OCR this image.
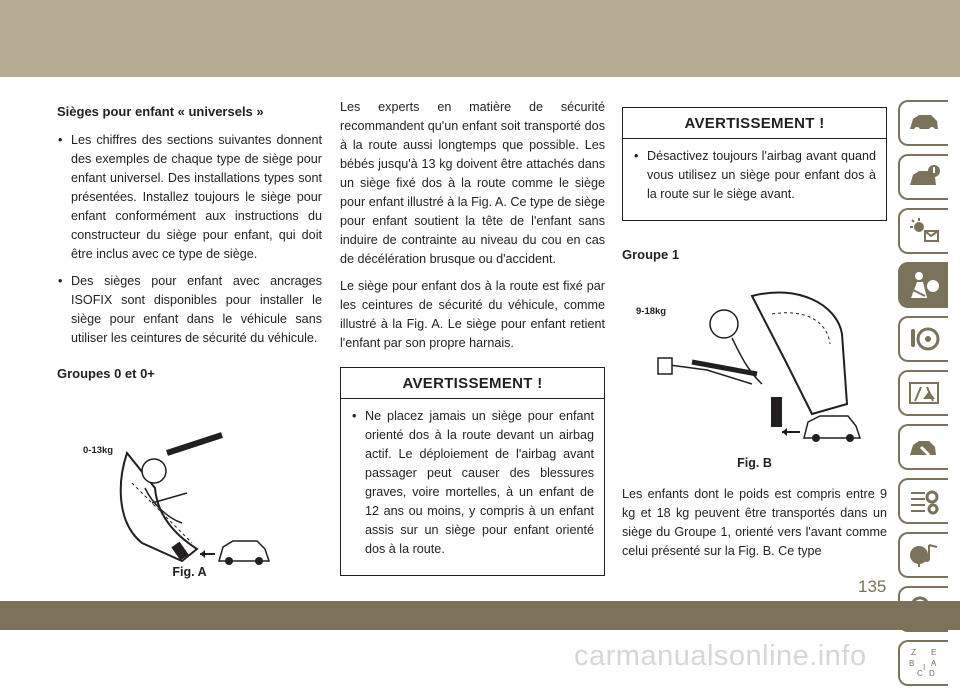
Sièges pour enfant « universels »
• Les chiffres des sections suivantes donnent des exemples de chaque type de siège pour enfant universel. Des installations types sont présentées. Installez toujours le siège pour enfant conformément aux instructions du constructeur du siège pour enfant, qui doit être inclus avec ce type de siège.
• Des sièges pour enfant avec ancrages ISOFIX sont disponibles pour installer le siège pour enfant dans le véhicule sans utiliser les ceintures de sécurité du véhicule.
Groupes 0 et 0+
0-13kg
Fig. A

Les experts en matière de sécurité recommandent qu'un enfant soit transporté dos à la route aussi longtemps que possible. Les bébés jusqu'à 13 kg doivent être attachés dans un siège fixé dos à la route comme le siège pour enfant illustré à la Fig. A. Ce type de siège pour enfant soutient la tête de l'enfant sans induire de contrainte au niveau du cou en cas de décélération brusque ou d'accident.

Le siège pour enfant dos à la route est fixé par les ceintures de sécurité du véhicule, comme illustré à la Fig. A. Le siège pour enfant retient l'enfant par son propre harnais.

AVERTISSEMENT !
• Ne placez jamais un siège pour enfant orienté dos à la route devant un airbag actif. Le déploiement de l'airbag avant passager peut causer des blessures graves, voire mortelles, à un enfant de 12 ans ou moins, y compris à un enfant assis sur un siège pour enfant orienté dos à la route.
AVERTISSEMENT !
• Désactivez toujours l'airbag avant quand vous utilisez un siège pour enfant dos à la route sur le siège avant.
Groupe 1
9-18kg
Fig. B

Les enfants dont le poids est compris entre 9 kg et 18 kg peuvent être transportés dans un siège du Groupe 1, orienté vers l'avant comme celui présenté sur la Fig. B. Ce type

Z E
B A
C D
I
135
carmanualsonline.info
